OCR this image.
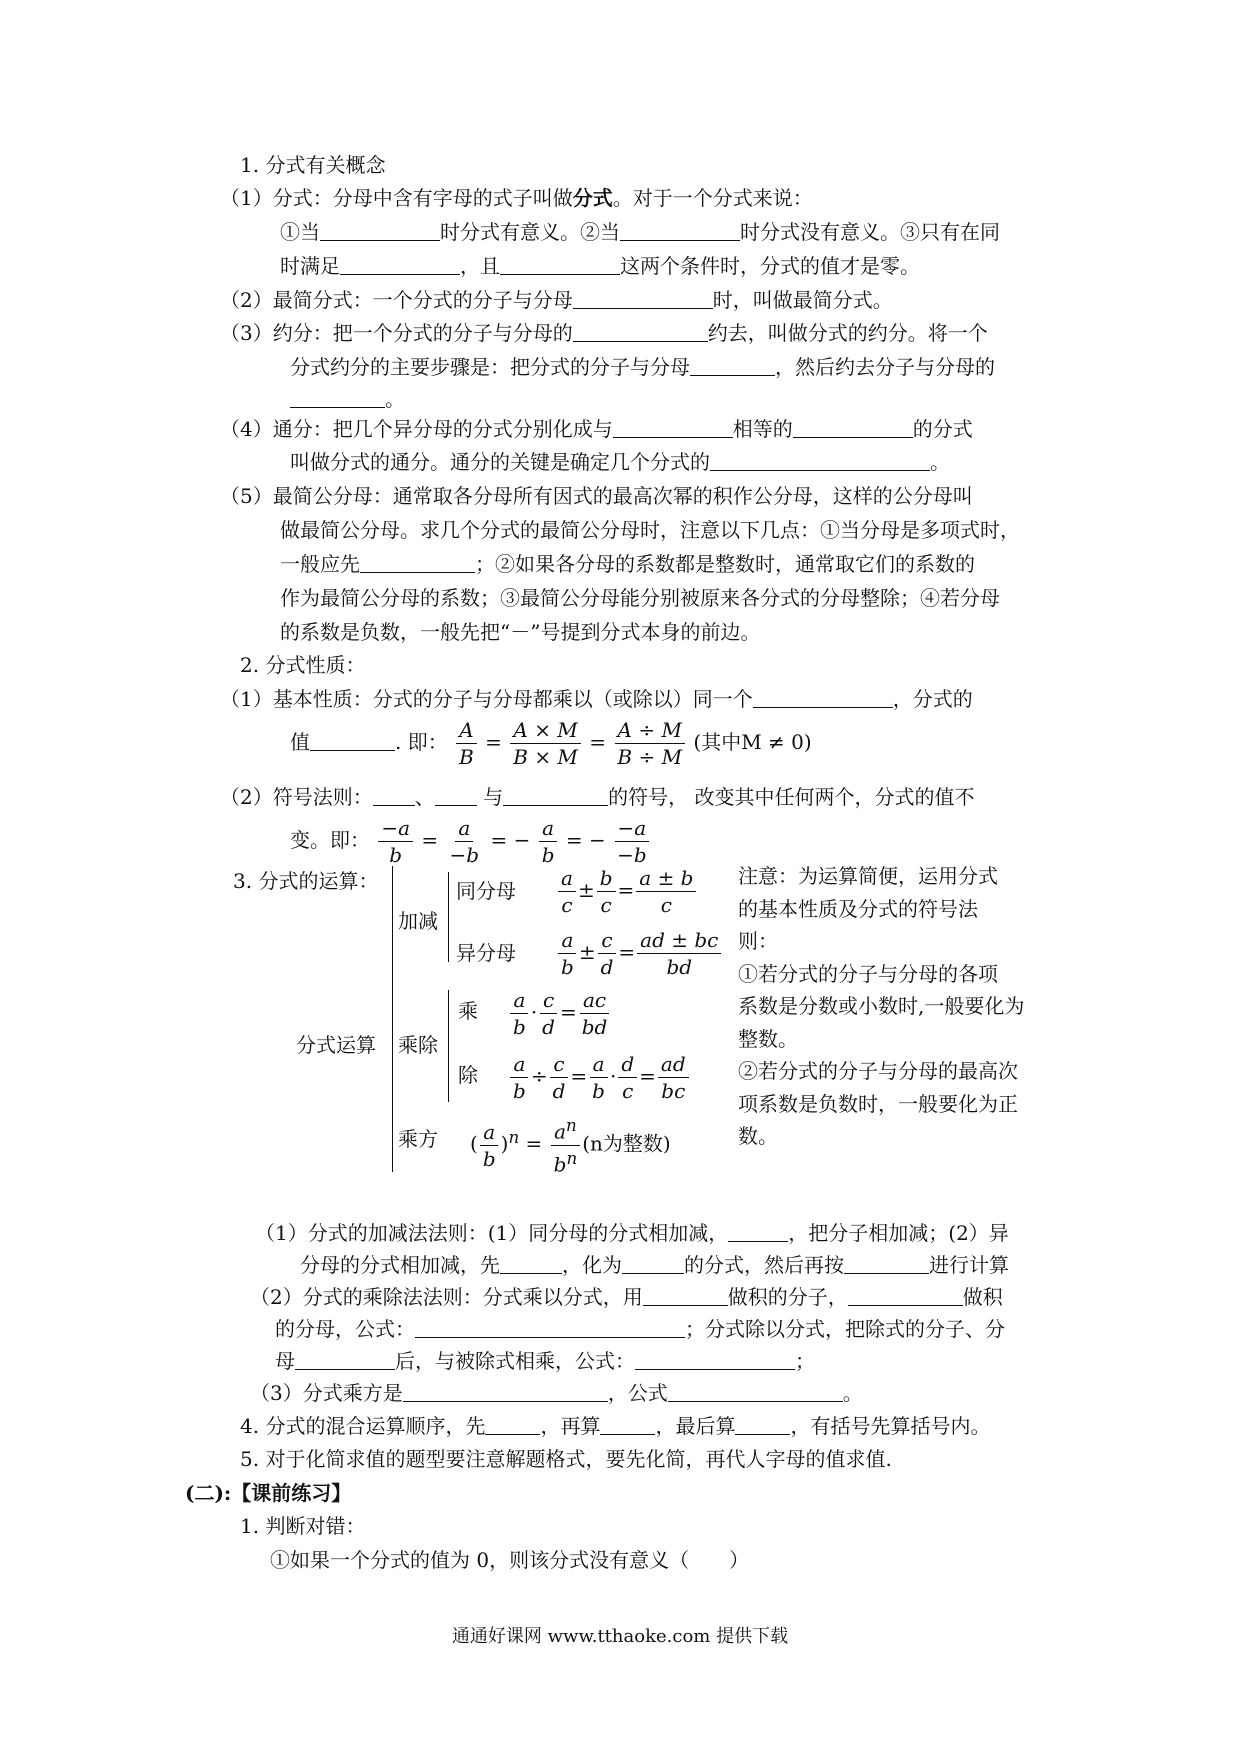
1. 分式有关概念
（1）分式：分母中含有字母的式子叫做分式。对于一个分式来说：
①当	时分式有意义。②当	时分式没有意义。③只有在同
时满足	，且	这两个条件时，分式的值才是零。
（2）最简分式：一个分式的分子与分母	时，叫做最简分式。
（3）约分：把一个分式的分子与分母的	约去，叫做分式的约分。将一个
分式约分的主要步骤是：把分式的分子与分母	，然后约去分子与分母的
。
（4）通分：把几个异分母的分式分别化成与	相等的	的分式
叫做分式的通分。通分的关键是确定几个分式的	。
（5）最简公分母：通常取各分母所有因式的最高次幂的积作公分母，这样的公分母叫
做最简公分母。求几个分式的最简公分母时，注意以下几点：①当分母是多项式时，
一般应先	；②如果各分母的系数都是整数时，通常取它们的系数的
作为最简公分母的系数；③最简公分母能分别被原来各分式的分母整除；④若分母
的系数是负数，一般先把“－”号提到分式本身的前边。
2. 分式性质：
（1）基本性质：分式的分子与分母都乘以（或除以）同一个	，分式的
值	. 即： $\frac{A}{B} = \frac{A \times M}{B \times M} = \frac{A \div M}{B \div M}$ (其中M ≠ 0)
（2）符号法则： 、 与	的符号， 改变其中任何两个，分式的值不
变。即： $\frac{-a}{b} = \frac{a}{-b}$ = − $\frac{a}{b}$ = − $\frac{-a}{-b}$
3. 分式的运算：
分式运算
加减
同分母 $\frac{a}{c} \pm \frac{b}{c} = \frac{a \pm b}{c}$
异分母 $\frac{a}{b} \pm \frac{c}{d} = \frac{ad \pm bc}{bd}$
乘除
乘 $\frac{a}{b} \cdot \frac{c}{d} = \frac{ac}{bd}$
除 $\frac{a}{b} \div \frac{c}{d} = \frac{a}{b} \cdot \frac{d}{c} = \frac{ad}{bc}$
乘方 ( $\frac{a}{b} )^n = \frac{a^n}{b^n} (n$为整数)
注意：为运算简便，运用分式
的基本性质及分式的符号法
则：
①若分式的分子与分母的各项
系数是分数或小数时,一般要化为
整数。
②若分式的分子与分母的最高次
项系数是负数时，一般要化为正
数。
（1）分式的加减法法则：(1）同分母的分式相加减，	，把分子相加减；(2）异
分母的分式相加减，先	，化为	的分式，然后再按	进行计算
（2）分式的乘除法法则：分式乘以分式，用	做积的分子，	做积
的分母，公式：	；分式除以分式，把除式的分子、分
母	后，与被除式相乘，公式：	；
（3）分式乘方是	，公式	。
4. 分式的混合运算顺序，先	，再算	，最后算	，有括号先算括号内。
5. 对于化简求值的题型要注意解题格式，要先化简，再代人字母的值求值.
(二):【课前练习】
1. 判断对错：
①如果一个分式的值为 0，则该分式没有意义（　　）
通通好课网 www.tthaoke.com 提供下载
